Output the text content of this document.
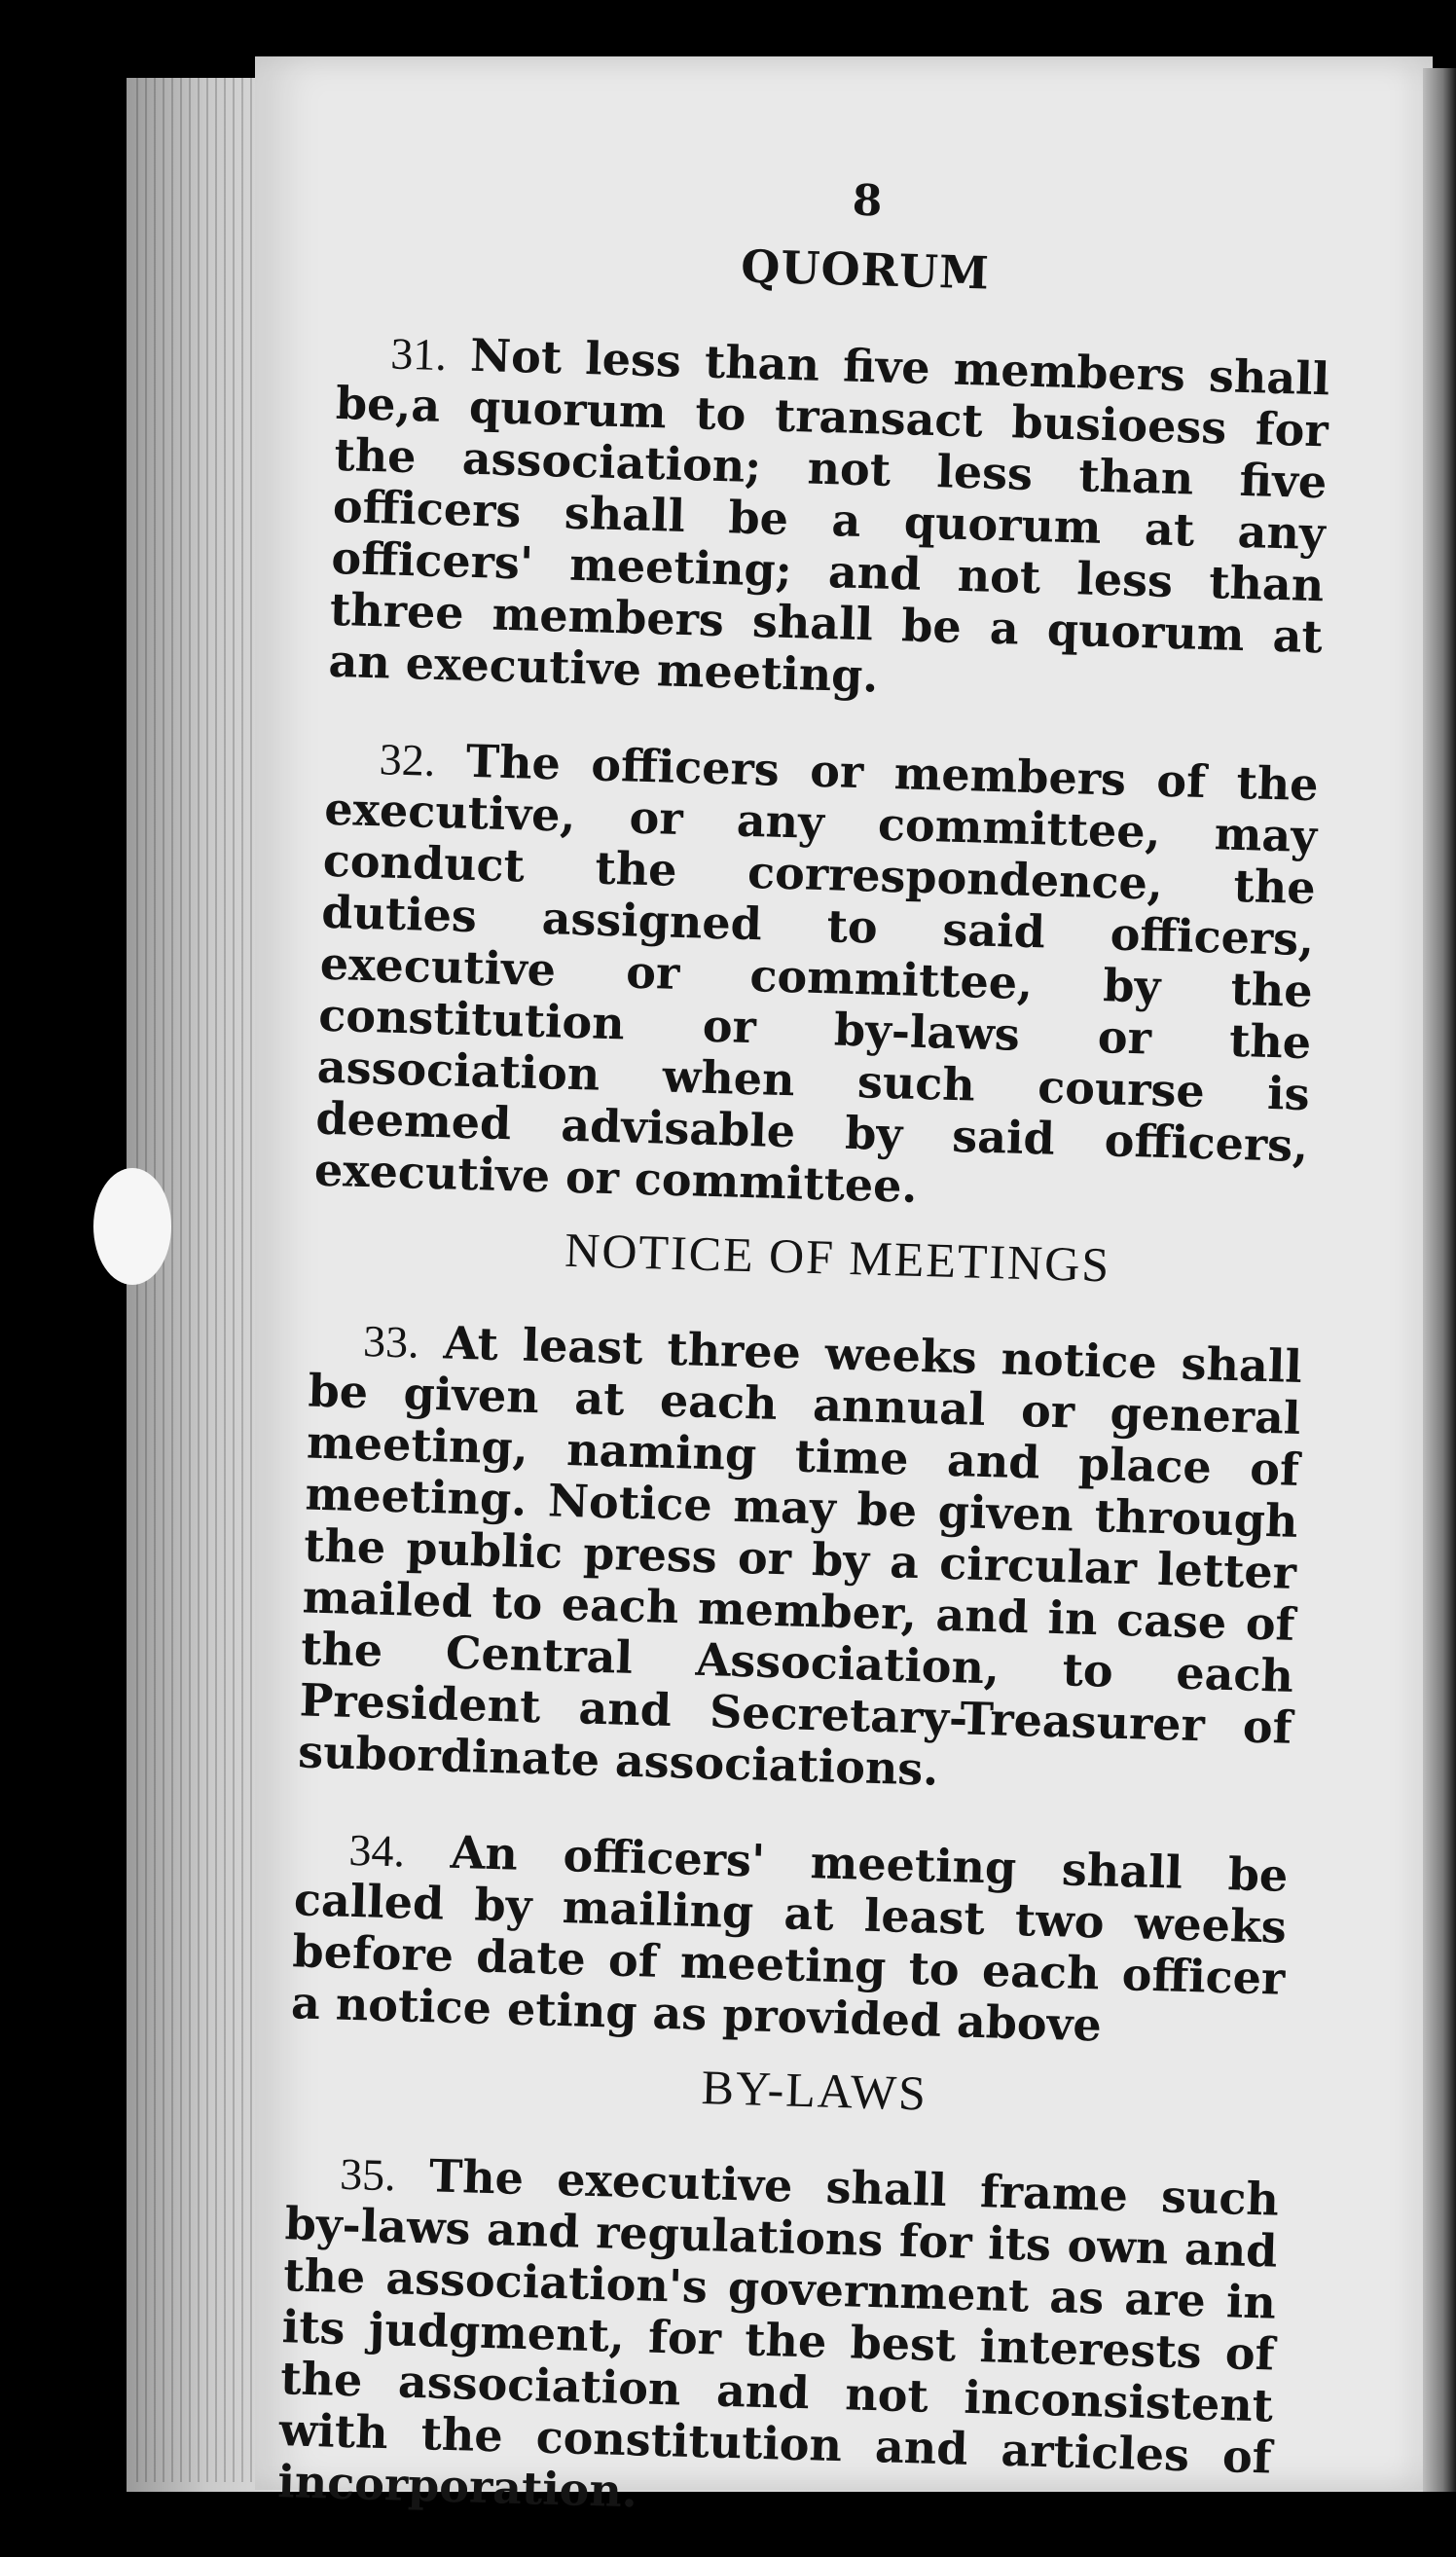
8
QUORUM

31. Not less than five members shall be,a quorum to transact busioess for the association; not less than five officers shall be a quorum at any officers' meeting; and not less than three members shall be a quorum at an executive meeting.

32. The officers or members of the executive, or any committee, may conduct the correspondence, the duties assigned to said officers, executive or committee, by the constitution or by-laws or the association when such course is deemed advisable by said officers, executive or committee.

NOTICE OF MEETINGS

33. At least three weeks notice shall be given at each annual or general meeting, naming time and place of meeting. Notice may be given through the public press or by a circular letter mailed to each member, and in case of the Central Association, to each President and Secretary-Treasurer of subordinate associations.

34. An officers' meeting shall be called by mailing at least two weeks before date of meeting to each officer a notice eting as provided above

BY-LAWS

35. The executive shall frame such by-laws and regulations for its own and the association's government as are in its judgment, for the best interests of the association and not inconsistent with the constitution and articles of incorporation.
